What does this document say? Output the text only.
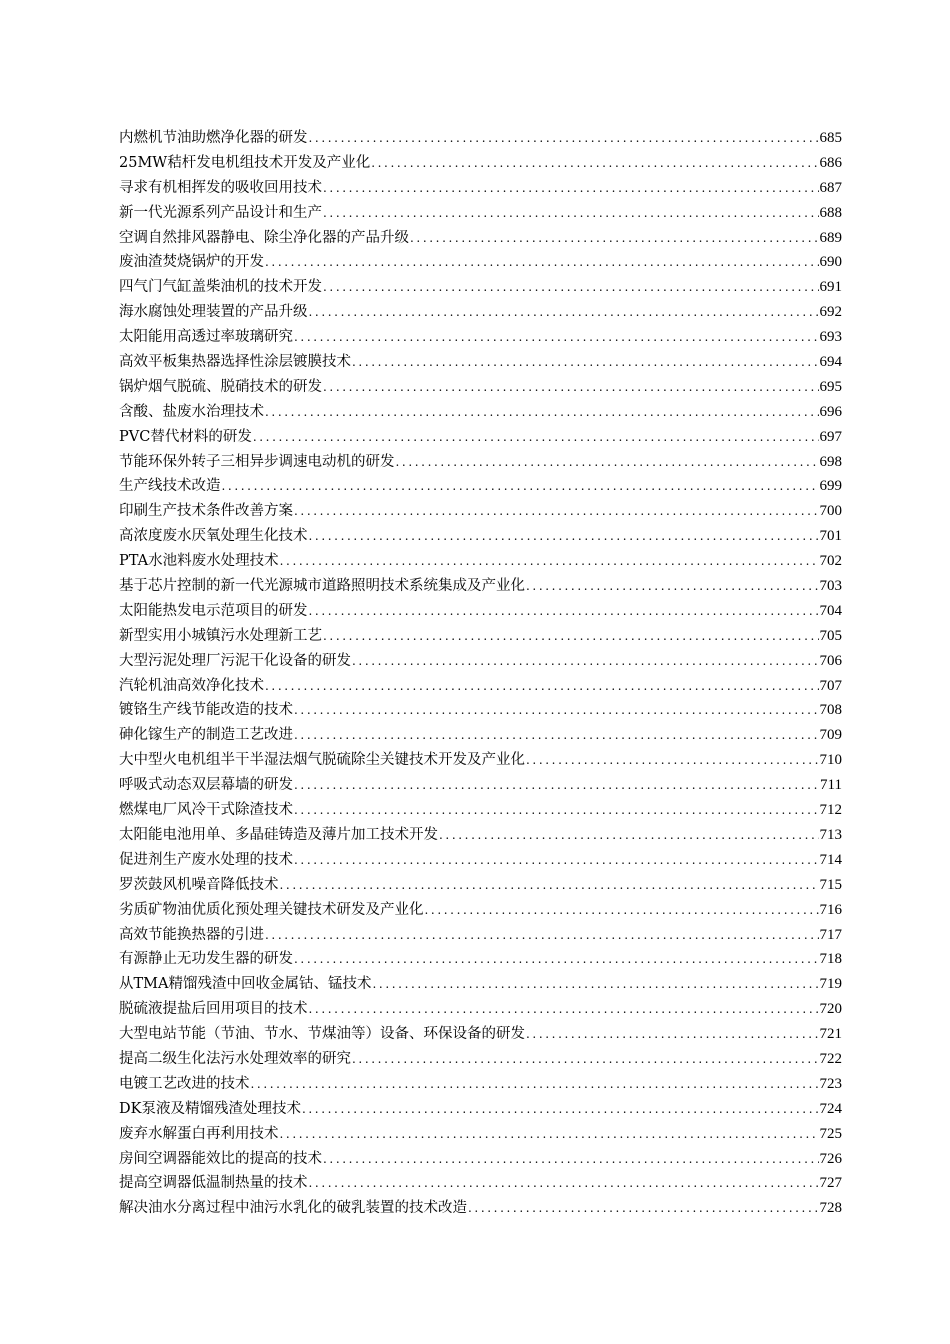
内燃机节油助燃净化器的研发 .....	685
25MW秸杆发电机组技术开发及产业化 .....	686
寻求有机相挥发的吸收回用技术 .....	687
新一代光源系列产品设计和生产 .....	688
空调自然排风器静电、除尘净化器的产品升级 .....	689
废油渣焚烧锅炉的开发 .....	690
四气门气缸盖柴油机的技术开发 .....	691
海水腐蚀处理装置的产品升级 .....	692
太阳能用高透过率玻璃研究 .....	693
高效平板集热器选择性涂层镀膜技术 .....	694
锅炉烟气脱硫、脱硝技术的研发 .....	695
含酸、盐废水治理技术 .....	696
PVC替代材料的研发 .....	697
节能环保外转子三相异步调速电动机的研发 .....	698
生产线技术改造 .....	699
印刷生产技术条件改善方案 .....	700
高浓度废水厌氧处理生化技术 .....	701
PTA水池料废水处理技术 .....	702
基于芯片控制的新一代光源城市道路照明技术系统集成及产业化 .....	703
太阳能热发电示范项目的研发 .....	704
新型实用小城镇污水处理新工艺 .....	705
大型污泥处理厂污泥干化设备的研发 .....	706
汽轮机油高效净化技术 .....	707
镀铬生产线节能改造的技术 .....	708
砷化镓生产的制造工艺改进 .....	709
大中型火电机组半干半湿法烟气脱硫除尘关键技术开发及产业化 .....	710
呼吸式动态双层幕墙的研发 .....	711
燃煤电厂风冷干式除渣技术 .....	712
太阳能电池用单、多晶硅铸造及薄片加工技术开发 .....	713
促进剂生产废水处理的技术 .....	714
罗茨鼓风机噪音降低技术 .....	715
劣质矿物油优质化预处理关键技术研发及产业化 .....	716
高效节能换热器的引进 .....	717
有源静止无功发生器的研发 .....	718
从TMA精馏残渣中回收金属钴、锰技术 .....	719
脱硫液提盐后回用项目的技术 .....	720
大型电站节能（节油、节水、节煤油等）设备、环保设备的研发 .....	721
提高二级生化法污水处理效率的研究 .....	722
电镀工艺改进的技术 .....	723
DK泵液及精馏残渣处理技术 .....	724
废弃水解蛋白再利用技术 .....	725
房间空调器能效比的提高的技术 .....	726
提高空调器低温制热量的技术 .....	727
解决油水分离过程中油污水乳化的破乳装置的技术改造 .....	728
